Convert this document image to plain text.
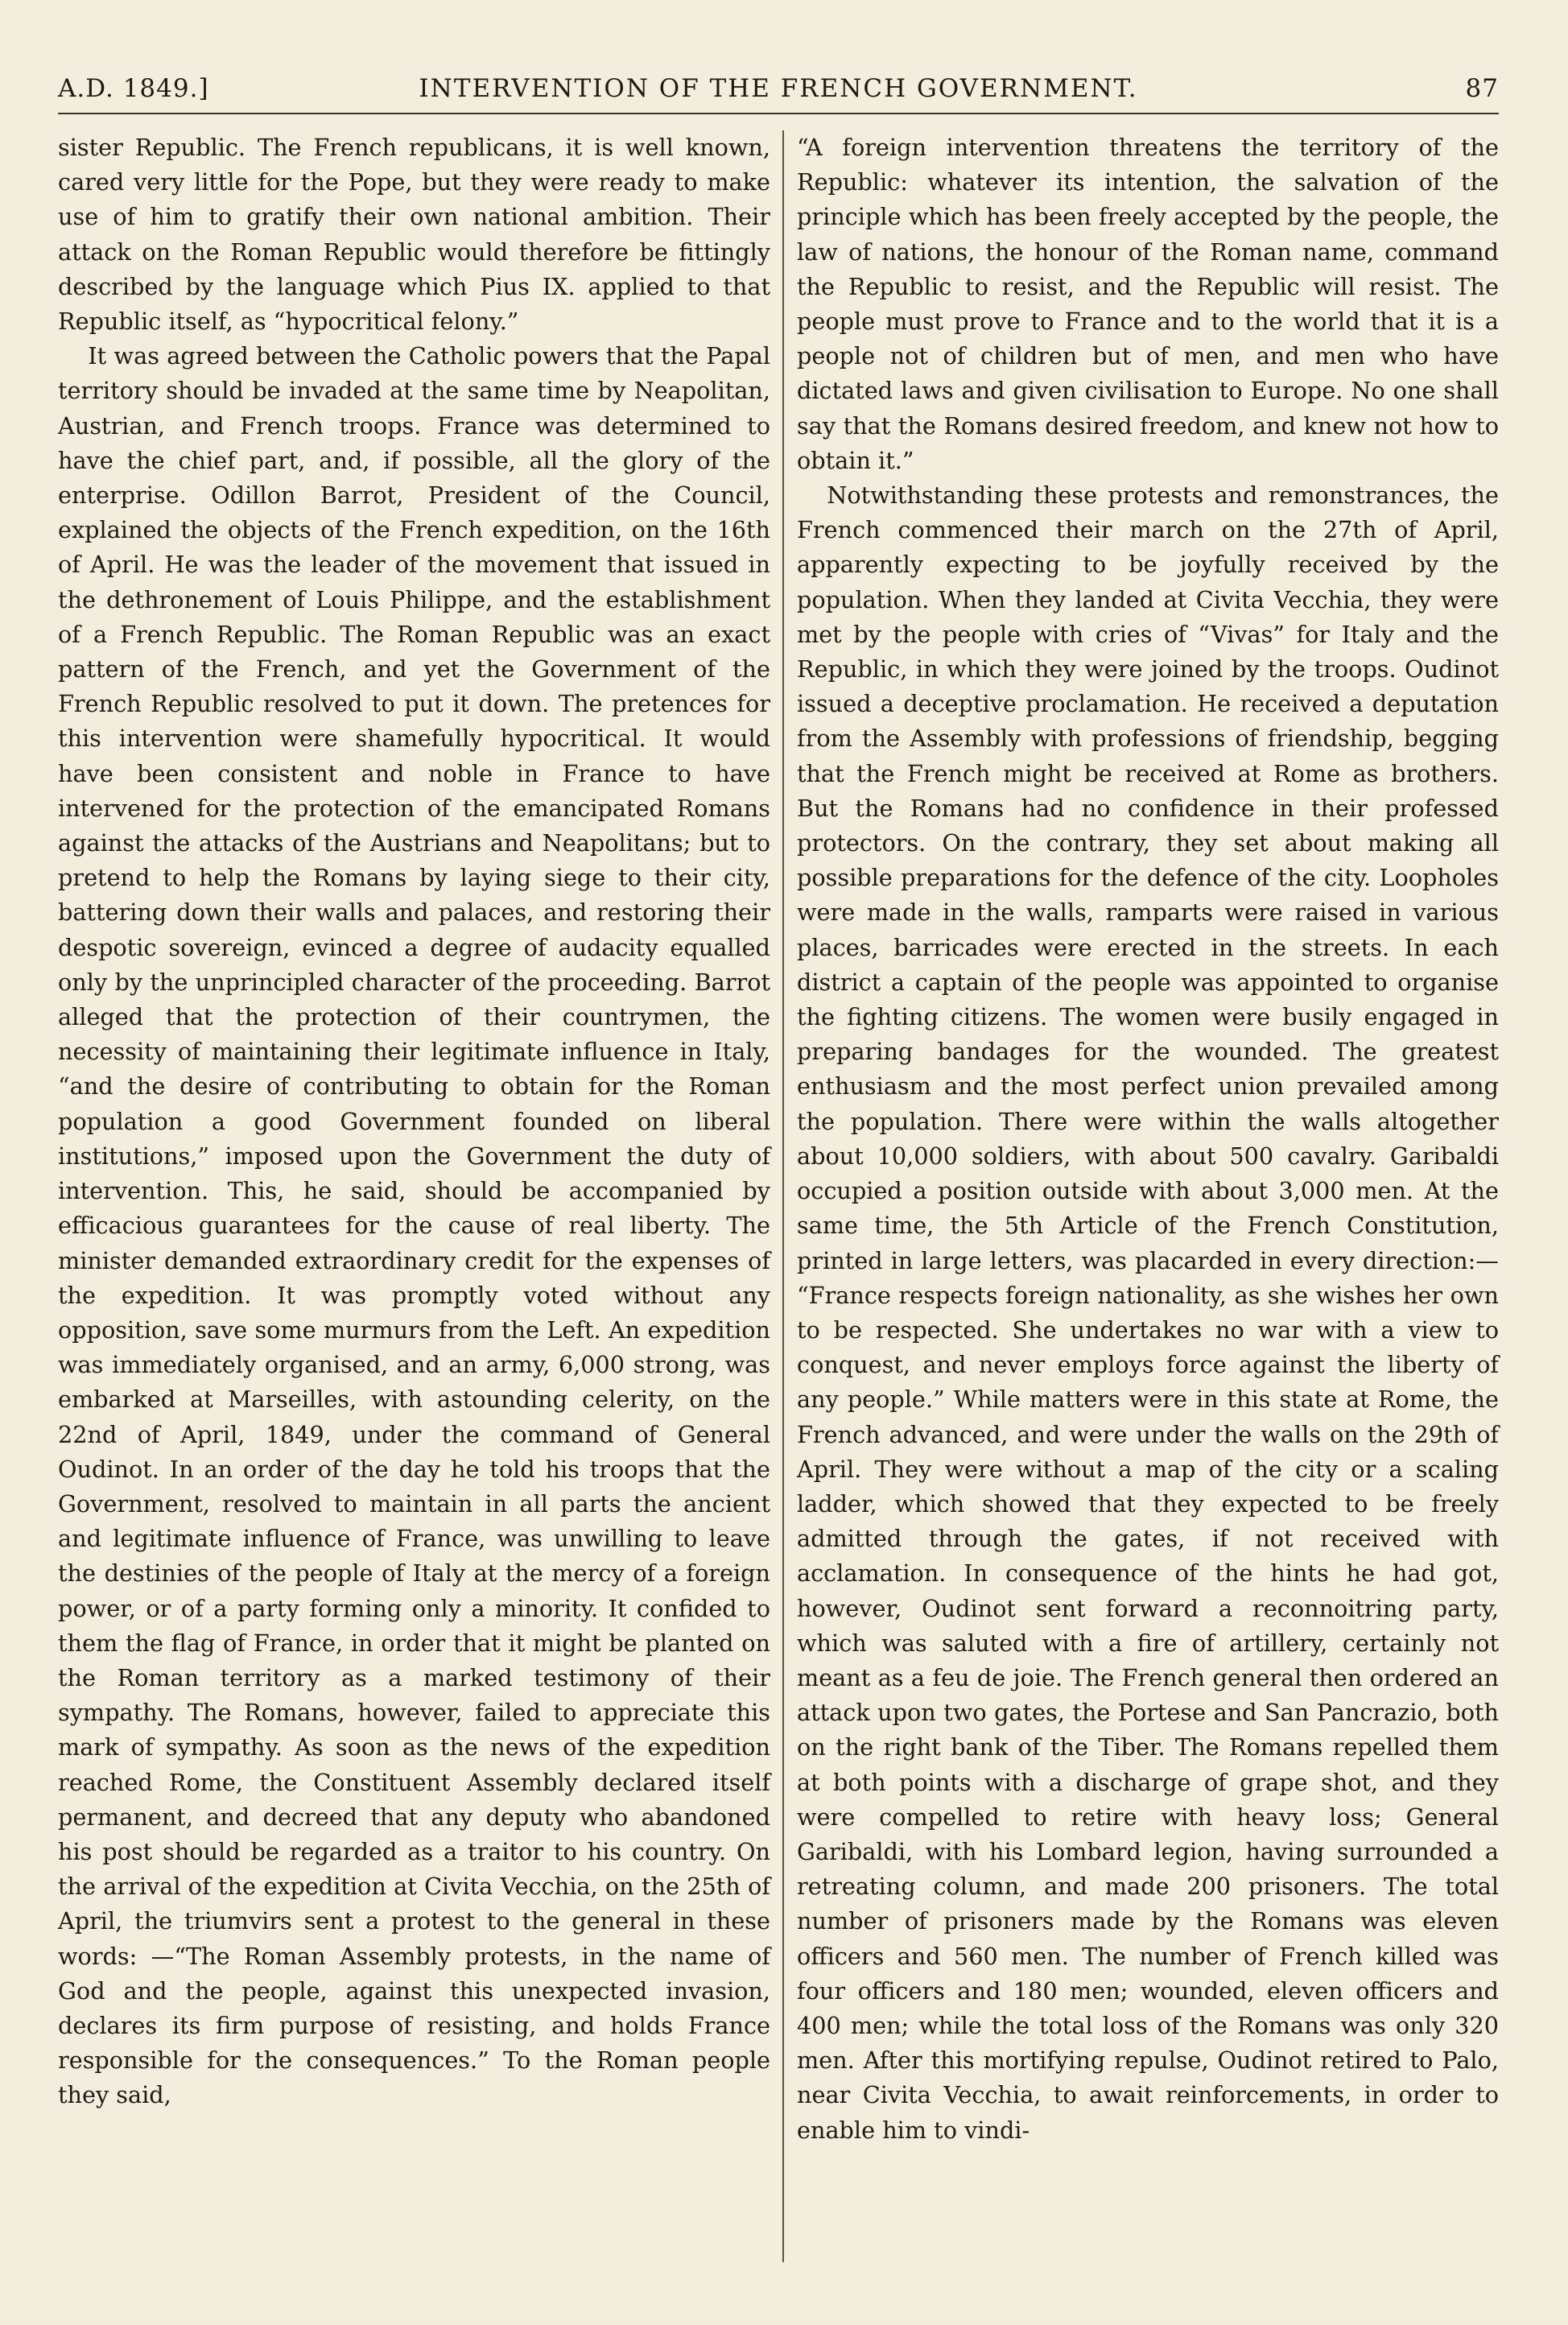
A.D. 1849.]	INTERVENTION OF THE FRENCH GOVERNMENT.	87

sister Republic. The French republicans, it is well known, cared very little for the Pope, but they were ready to make use of him to gratify their own national ambition. Their attack on the Roman Republic would therefore be fittingly described by the language which Pius IX. applied to that Republic itself, as “hypocritical felony.”

It was agreed between the Catholic powers that the Papal territory should be invaded at the same time by Neapolitan, Austrian, and French troops. France was determined to have the chief part, and, if possible, all the glory of the enterprise. Odillon Barrot, President of the Council, explained the objects of the French expedition, on the 16th of April. He was the leader of the movement that issued in the dethronement of Louis Philippe, and the establishment of a French Republic. The Roman Republic was an exact pattern of the French, and yet the Government of the French Republic resolved to put it down. The pretences for this intervention were shamefully hypocritical. It would have been consistent and noble in France to have intervened for the protection of the emancipated Romans against the attacks of the Austrians and Neapolitans; but to pretend to help the Romans by laying siege to their city, battering down their walls and palaces, and restoring their despotic sovereign, evinced a degree of audacity equalled only by the unprincipled character of the proceeding. Barrot alleged that the protection of their countrymen, the necessity of maintaining their legitimate influence in Italy, “and the desire of contributing to obtain for the Roman population a good Government founded on liberal institutions,” imposed upon the Government the duty of intervention. This, he said, should be accompanied by efficacious guarantees for the cause of real liberty. The minister demanded extraordinary credit for the expenses of the expedition. It was promptly voted without any opposition, save some murmurs from the Left. An expedition was immediately organised, and an army, 6,000 strong, was embarked at Marseilles, with astounding celerity, on the 22nd of April, 1849, under the command of General Oudinot. In an order of the day he told his troops that the Government, resolved to maintain in all parts the ancient and legitimate influence of France, was unwilling to leave the destinies of the people of Italy at the mercy of a foreign power, or of a party forming only a minority. It confided to them the flag of France, in order that it might be planted on the Roman territory as a marked testimony of their sympathy. The Romans, however, failed to appreciate this mark of sympathy. As soon as the news of the expedition reached Rome, the Constituent Assembly declared itself permanent, and decreed that any deputy who abandoned his post should be regarded as a traitor to his country. On the arrival of the expedition at Civita Vecchia, on the 25th of April, the triumvirs sent a protest to the general in these words: —“The Roman Assembly protests, in the name of God and the people, against this unexpected invasion, declares its firm purpose of resisting, and holds France responsible for the consequences.” To the Roman people they said,

“A foreign intervention threatens the territory of the Republic: whatever its intention, the salvation of the principle which has been freely accepted by the people, the law of nations, the honour of the Roman name, command the Republic to resist, and the Republic will resist. The people must prove to France and to the world that it is a people not of children but of men, and men who have dictated laws and given civilisation to Europe. No one shall say that the Romans desired freedom, and knew not how to obtain it.”

Notwithstanding these protests and remonstrances, the French commenced their march on the 27th of April, apparently expecting to be joyfully received by the population. When they landed at Civita Vecchia, they were met by the people with cries of “Vivas” for Italy and the Republic, in which they were joined by the troops. Oudinot issued a deceptive proclamation. He received a deputation from the Assembly with professions of friendship, begging that the French might be received at Rome as brothers. But the Romans had no confidence in their professed protectors. On the contrary, they set about making all possible preparations for the defence of the city. Loopholes were made in the walls, ramparts were raised in various places, barricades were erected in the streets. In each district a captain of the people was appointed to organise the fighting citizens. The women were busily engaged in preparing bandages for the wounded. The greatest enthusiasm and the most perfect union prevailed among the population. There were within the walls altogether about 10,000 soldiers, with about 500 cavalry. Garibaldi occupied a position outside with about 3,000 men. At the same time, the 5th Article of the French Constitution, printed in large letters, was placarded in every direction:— “France respects foreign nationality, as she wishes her own to be respected. She undertakes no war with a view to conquest, and never employs force against the liberty of any people.” While matters were in this state at Rome, the French advanced, and were under the walls on the 29th of April. They were without a map of the city or a scaling ladder, which showed that they expected to be freely admitted through the gates, if not received with acclamation. In consequence of the hints he had got, however, Oudinot sent forward a reconnoitring party, which was saluted with a fire of artillery, certainly not meant as a feu de joie. The French general then ordered an attack upon two gates, the Portese and San Pancrazio, both on the right bank of the Tiber. The Romans repelled them at both points with a discharge of grape shot, and they were compelled to retire with heavy loss; General Garibaldi, with his Lombard legion, having surrounded a retreating column, and made 200 prisoners. The total number of prisoners made by the Romans was eleven officers and 560 men. The number of French killed was four officers and 180 men; wounded, eleven officers and 400 men; while the total loss of the Romans was only 320 men. After this mortifying repulse, Oudinot retired to Palo, near Civita Vecchia, to await reinforcements, in order to enable him to vindi-
